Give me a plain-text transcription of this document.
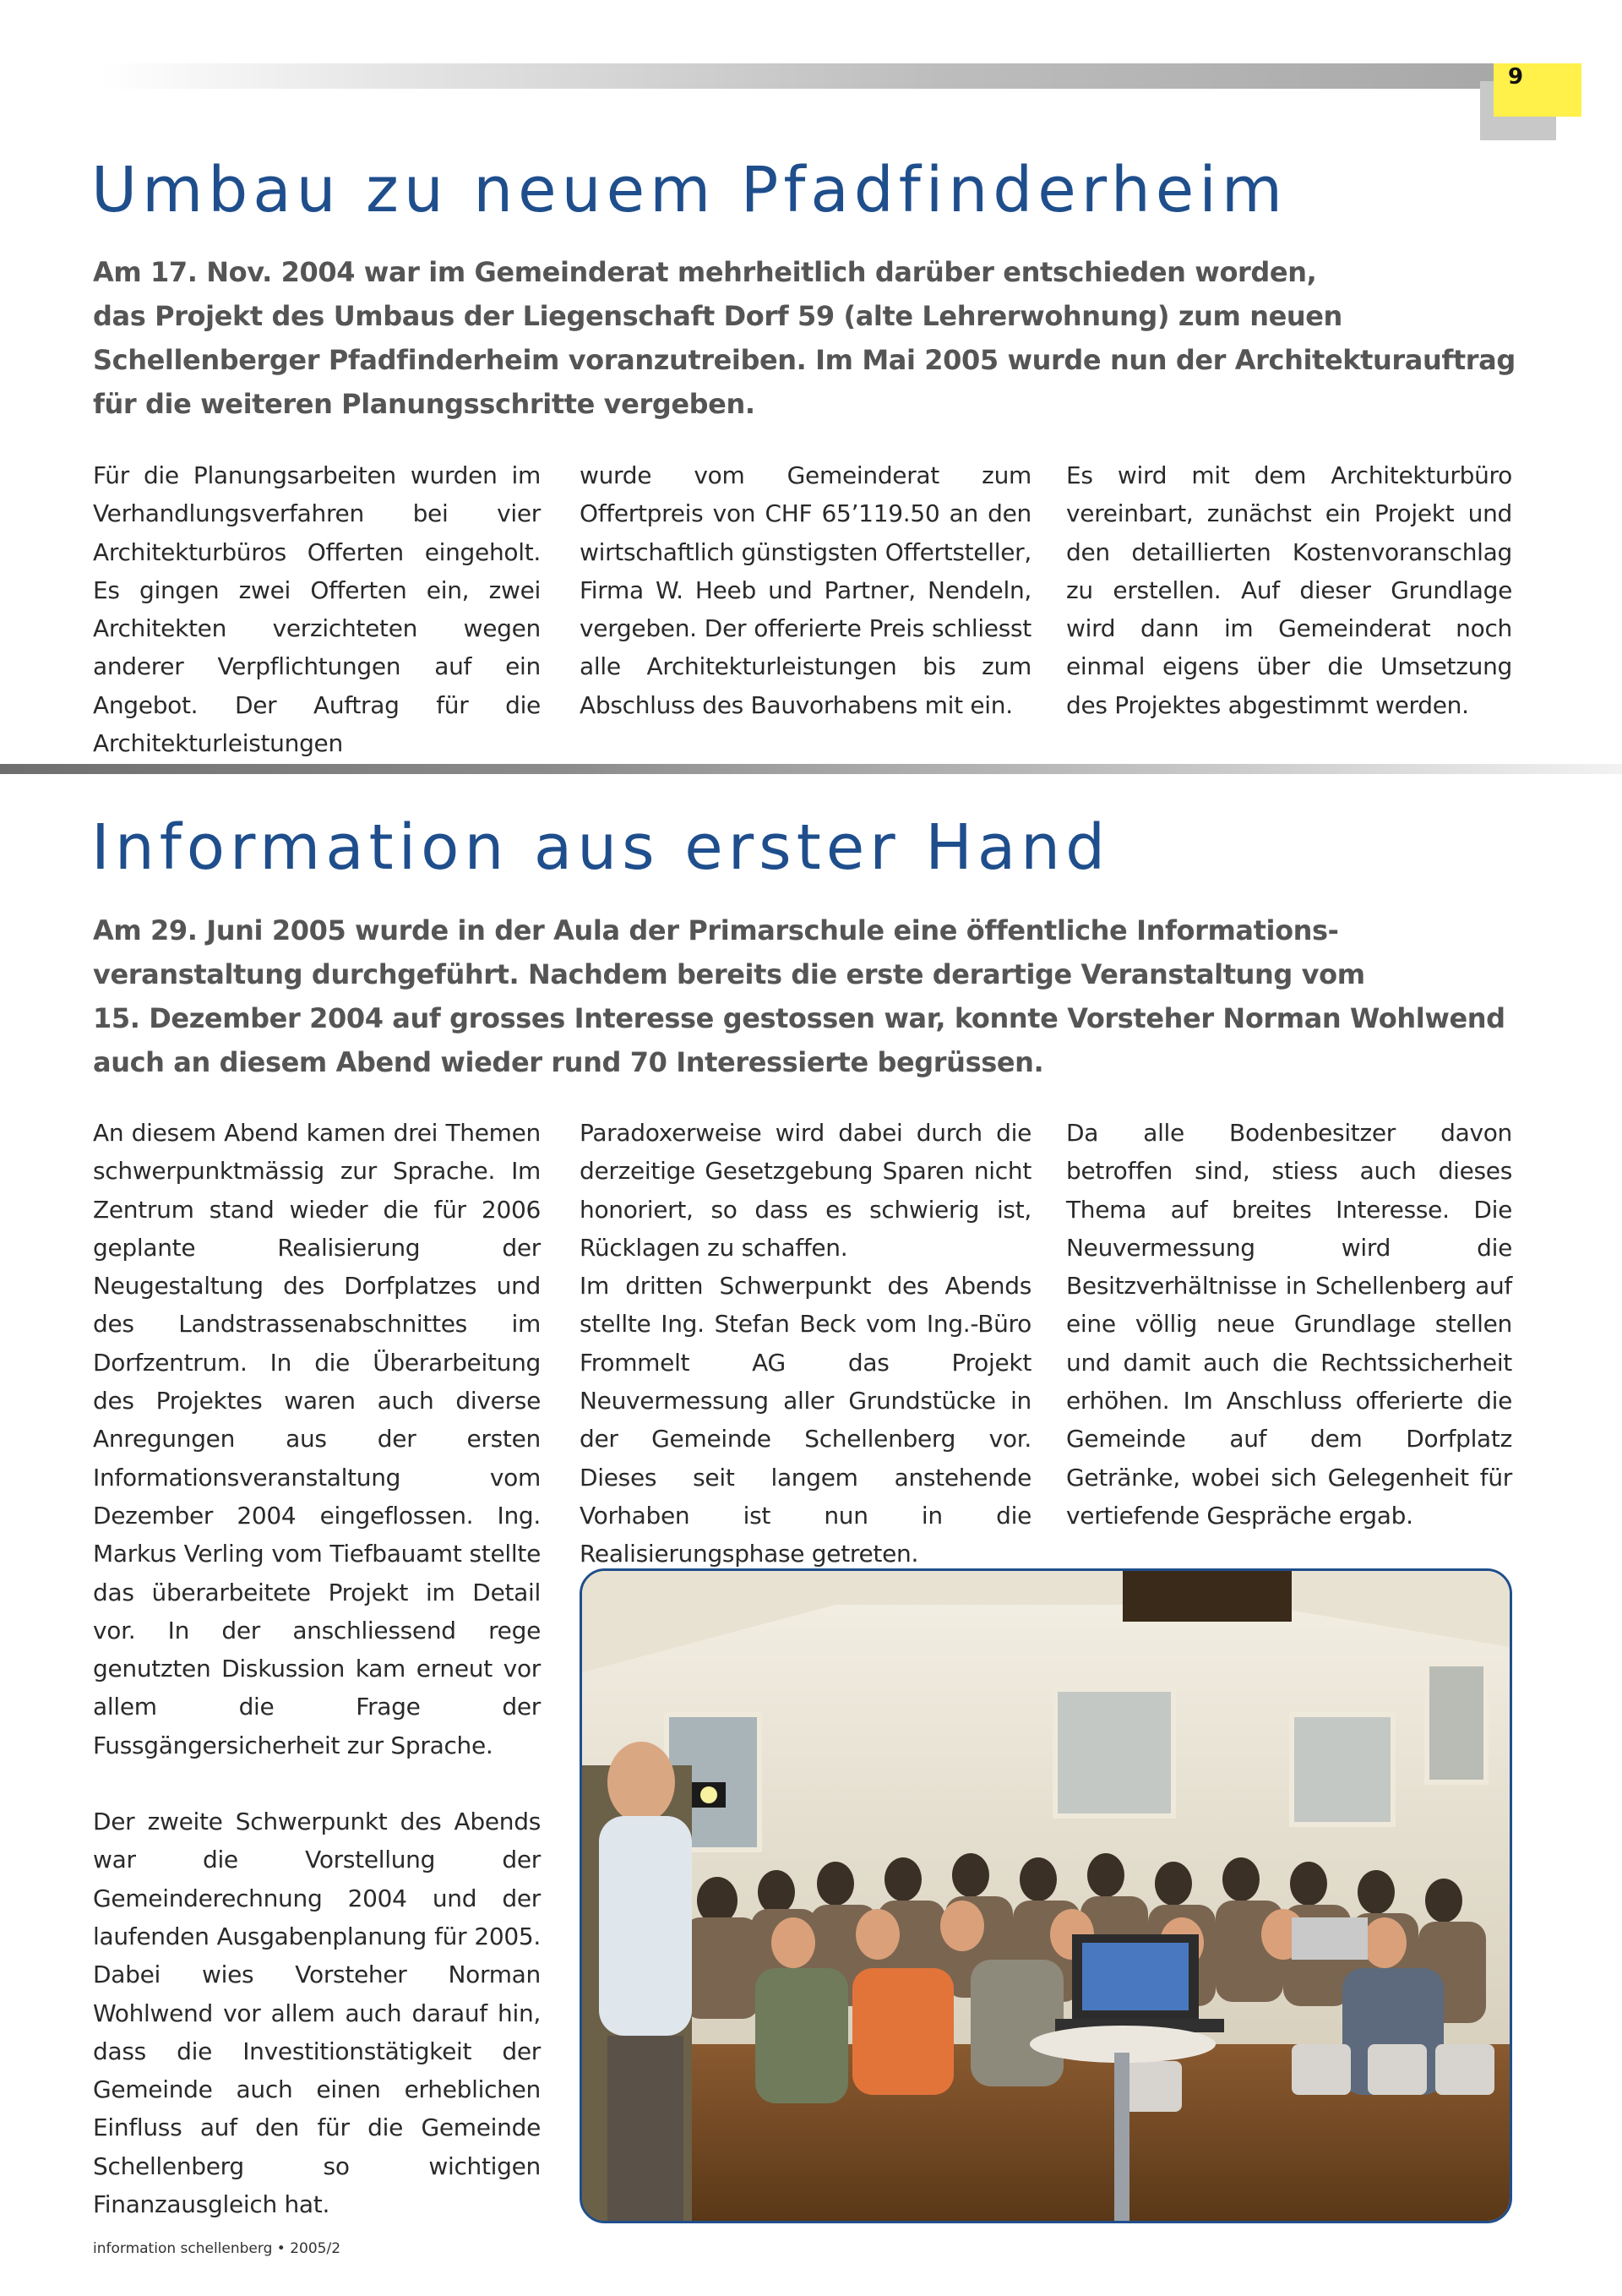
9
Umbau zu neuem Pfadfinderheim
Am 17. Nov. 2004 war im Gemeinderat mehrheitlich darüber entschieden worden,
das Projekt des Umbaus der Liegenschaft Dorf 59 (alte Lehrerwohnung) zum neuen
Schellenberger Pfadfinderheim voranzutreiben. Im Mai 2005 wurde nun der Architekturauftrag
für die weiteren Planungsschritte vergeben.

Für die Planungsarbeiten wurden im Verhandlungsverfahren bei vier Architekturbüros Offerten eingeholt. Es gingen zwei Offerten ein, zwei Architekten verzichteten wegen anderer Verpflichtungen auf ein Angebot. Der Auftrag für die Architekturleistungen

wurde vom Gemeinderat zum Offertpreis von CHF 65’119.50 an den wirtschaftlich günstigsten Offertsteller, Firma W. Heeb und Partner, Nendeln, vergeben. Der offerierte Preis schliesst alle Architekturleistungen bis zum Abschluss des Bauvorhabens mit ein.

Es wird mit dem Architekturbüro vereinbart, zunächst ein Projekt und den detaillierten Kostenvoranschlag zu erstellen. Auf dieser Grundlage wird dann im Gemeinderat noch einmal eigens über die Umsetzung des Projektes abgestimmt werden.

Information aus erster Hand
Am 29. Juni 2005 wurde in der Aula der Primarschule eine öffentliche Informations-
veranstaltung durchgeführt. Nachdem bereits die erste derartige Veranstaltung vom
15. Dezember 2004 auf grosses Interesse gestossen war, konnte Vorsteher Norman Wohlwend
auch an diesem Abend wieder rund 70 Interessierte begrüssen.

An diesem Abend kamen drei Themen schwerpunktmässig zur Sprache. Im Zentrum stand wieder die für 2006 geplante Realisierung der Neugestaltung des Dorfplatzes und des Landstrassenabschnittes im Dorfzentrum. In die Überarbeitung des Projektes waren auch diverse Anregungen aus der ersten Informationsveranstaltung vom Dezember 2004 eingeflossen. Ing. Markus Verling vom Tiefbauamt stellte das überarbeitete Projekt im Detail vor. In der anschliessend rege genutzten Diskussion kam erneut vor allem die Frage der Fussgängersicherheit zur Sprache.

Der zweite Schwerpunkt des Abends war die Vorstellung der Gemeinderechnung 2004 und der laufenden Ausgabenplanung für 2005. Dabei wies Vorsteher Norman Wohlwend vor allem auch darauf hin, dass die Investitionstätigkeit der Gemeinde auch einen erheblichen Einfluss auf den für die Gemeinde Schellenberg so wichtigen Finanzausgleich hat.

Paradoxerweise wird dabei durch die derzeitige Gesetzgebung Sparen nicht honoriert, so dass es schwierig ist, Rücklagen zu schaffen.

Im dritten Schwerpunkt des Abends stellte Ing. Stefan Beck vom Ing.-Büro Frommelt AG das Projekt Neuvermessung aller Grundstücke in der Gemeinde Schellenberg vor. Dieses seit langem anstehende Vorhaben ist nun in die Realisierungsphase getreten.

Da alle Bodenbesitzer davon betroffen sind, stiess auch dieses Thema auf breites Interesse. Die Neuvermessung wird die Besitzverhältnisse in Schellenberg auf eine völlig neue Grundlage stellen und damit auch die Rechtssicherheit erhöhen. Im Anschluss offerierte die Gemeinde auf dem Dorfplatz Getränke, wobei sich Gelegenheit für vertiefende Gespräche ergab.

information schellenberg • 2005/2
